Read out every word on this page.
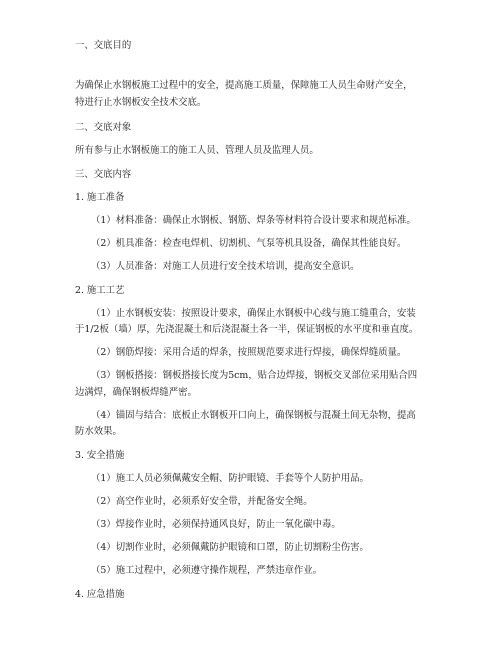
一、交底目的
为确保止水钢板施工过程中的安全，提高施工质量，保障施工人员生命财产安全，
特进行止水钢板安全技术交底。
二、交底对象
所有参与止水钢板施工的施工人员、管理人员及监理人员。
三、交底内容
1. 施工准备
（1）材料准备：确保止水钢板、钢筋、焊条等材料符合设计要求和规范标准。
（2）机具准备：检查电焊机、切割机、气泵等机具设备，确保其性能良好。
（3）人员准备：对施工人员进行安全技术培训，提高安全意识。
2. 施工工艺
（1）止水钢板安装：按照设计要求，确保止水钢板中心线与施工缝重合，安装
于1/2板（墙）厚，先浇混凝土和后浇混凝土各一半，保证钢板的水平度和垂直度。
（2）钢筋焊接：采用合适的焊条，按照规范要求进行焊接，确保焊缝质量。
（3）钢板搭接：钢板搭接长度为5cm，贴合边焊接，钢板交叉部位采用贴合四
边满焊，确保钢板焊缝严密。
（4）锚固与结合：底板止水钢板开口向上，确保钢板与混凝土间无杂物，提高
防水效果。
3. 安全措施
（1）施工人员必须佩戴安全帽、防护眼镜、手套等个人防护用品。
（2）高空作业时，必须系好安全带，并配备安全绳。
（3）焊接作业时，必须保持通风良好，防止一氧化碳中毒。
（4）切割作业时，必须佩戴防护眼镜和口罩，防止切割粉尘伤害。
（5）施工过程中，必须遵守操作规程，严禁违章作业。
4. 应急措施
